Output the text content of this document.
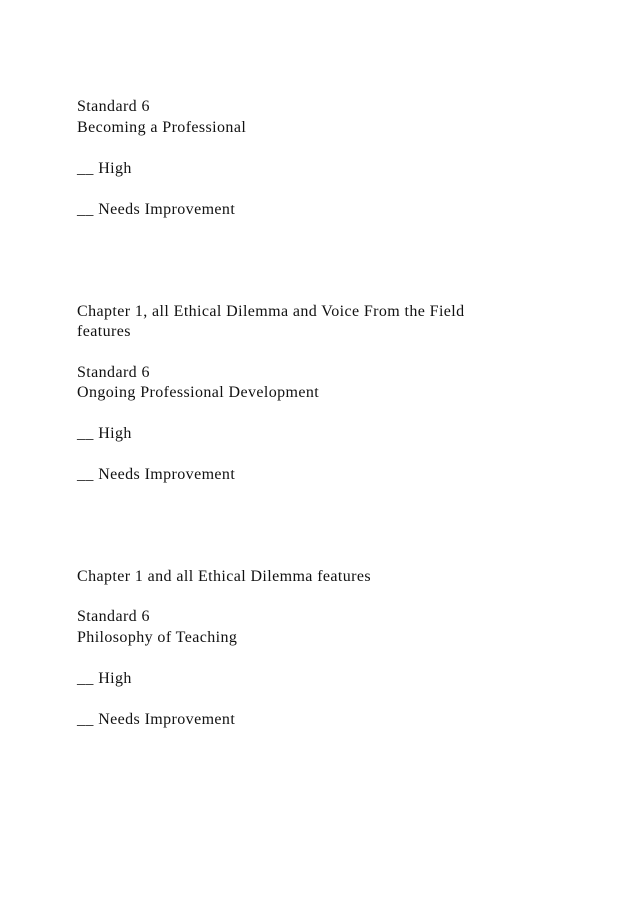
Standard 6
Becoming a Professional
__ High
__ Needs Improvement
Chapter 1, all Ethical Dilemma and Voice From the Field
features
Standard 6
Ongoing Professional Development
__ High
__ Needs Improvement
Chapter 1 and all Ethical Dilemma features
Standard 6
Philosophy of Teaching
__ High
__ Needs Improvement
